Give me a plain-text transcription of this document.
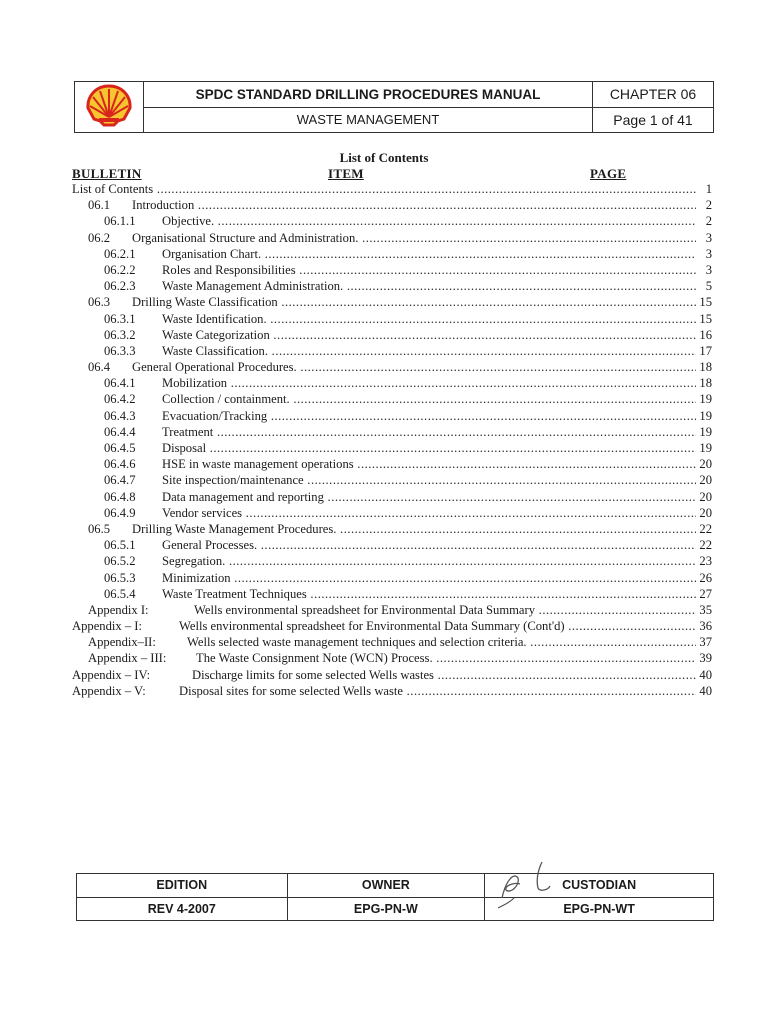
	SPDC STANDARD DRILLING PROCEDURES MANUAL	CHAPTER 06
	WASTE MANAGEMENT	Page 1 of 41
List of Contents
BULLETIN	ITEM	PAGE
List of Contents .....	1
06.1 Introduction .....	2
06.1.1 Objective. .....	2
06.2 Organisational Structure and Administration. .....	3
06.2.1 Organisation Chart. .....	3
06.2.2 Roles and Responsibilities .....	3
06.2.3 Waste Management Administration. .....	5
06.3 Drilling Waste Classification .....	15
06.3.1 Waste Identification. .....	15
06.3.2 Waste Categorization .....	16
06.3.3 Waste Classification. .....	17
06.4 General Operational Procedures. .....	18
06.4.1 Mobilization .....	18
06.4.2 Collection / containment. .....	19
06.4.3 Evacuation/Tracking .....	19
06.4.4 Treatment .....	19
06.4.5 Disposal .....	19
06.4.6 HSE in waste management operations .....	20
06.4.7 Site inspection/maintenance .....	20
06.4.8 Data management and reporting .....	20
06.4.9 Vendor services .....	20
06.5 Drilling Waste Management Procedures. .....	22
06.5.1 General Processes. .....	22
06.5.2 Segregation. .....	23
06.5.3 Minimization .....	26
06.5.4 Waste Treatment Techniques .....	27
Appendix I:	Wells environmental spreadsheet for Environmental Data Summary .....	35
Appendix – I:	Wells environmental spreadsheet for Environmental Data Summary (Cont'd) .....	36
Appendix–II: Wells selected waste management techniques and selection criteria. .....	37
Appendix – III: The Waste Consignment Note (WCN) Process. .....	39
Appendix – IV:	Discharge limits for some selected Wells wastes .....	40
Appendix – V:	Disposal sites for some selected Wells waste .....	40
EDITION	OWNER	CUSTODIAN
REV 4-2007	EPG-PN-W	EPG-PN-WT
